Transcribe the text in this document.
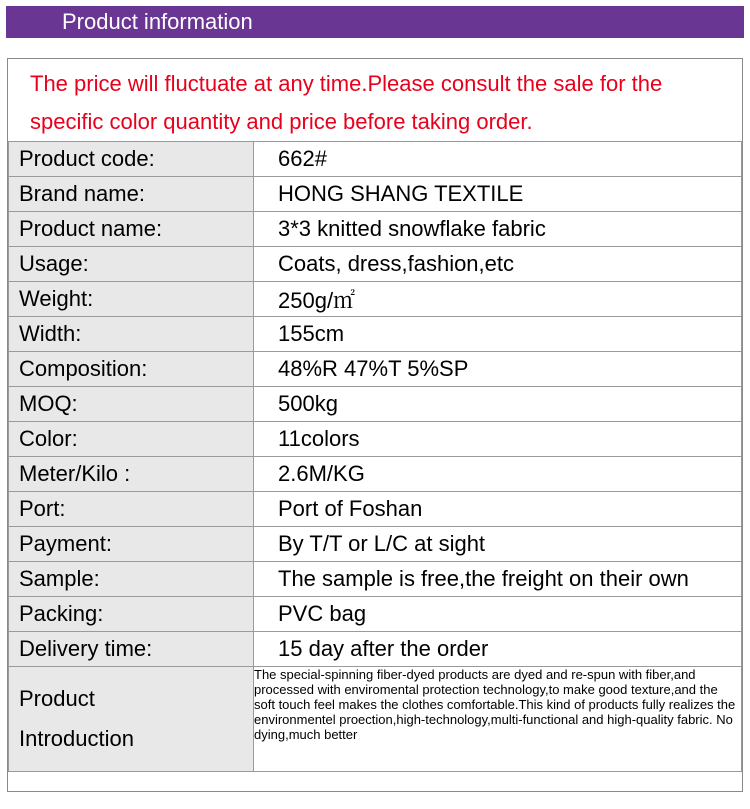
Product information
The price will fluctuate at any time.Please consult the sale for the specific color quantity and price before taking order.
Product code:	662#
Brand name:	HONG SHANG TEXTILE
Product name:	3*3 knitted snowflake fabric
Usage:	Coats, dress,fashion,etc
Weight:	250g/㎡
Width:	155cm
Composition:	48%R 47%T 5%SP
MOQ:	500kg
Color:	11colors
Meter/Kilo :	2.6M/KG
Port:	Port of Foshan
Payment:	By T/T or L/C at sight
Sample:	The sample is free,the freight on their own
Packing:	PVC bag
Delivery time:	15 day after the order
Product
Introduction	The special-spinning fiber-dyed products are dyed and re-spun with fiber,and processed with enviromental protection technology,to make good texture,and the soft touch feel makes the clothes comfortable.This kind of products fully realizes the environmentel proection,high-technology,multi-functional and high-quality fabric. No dying,much better
